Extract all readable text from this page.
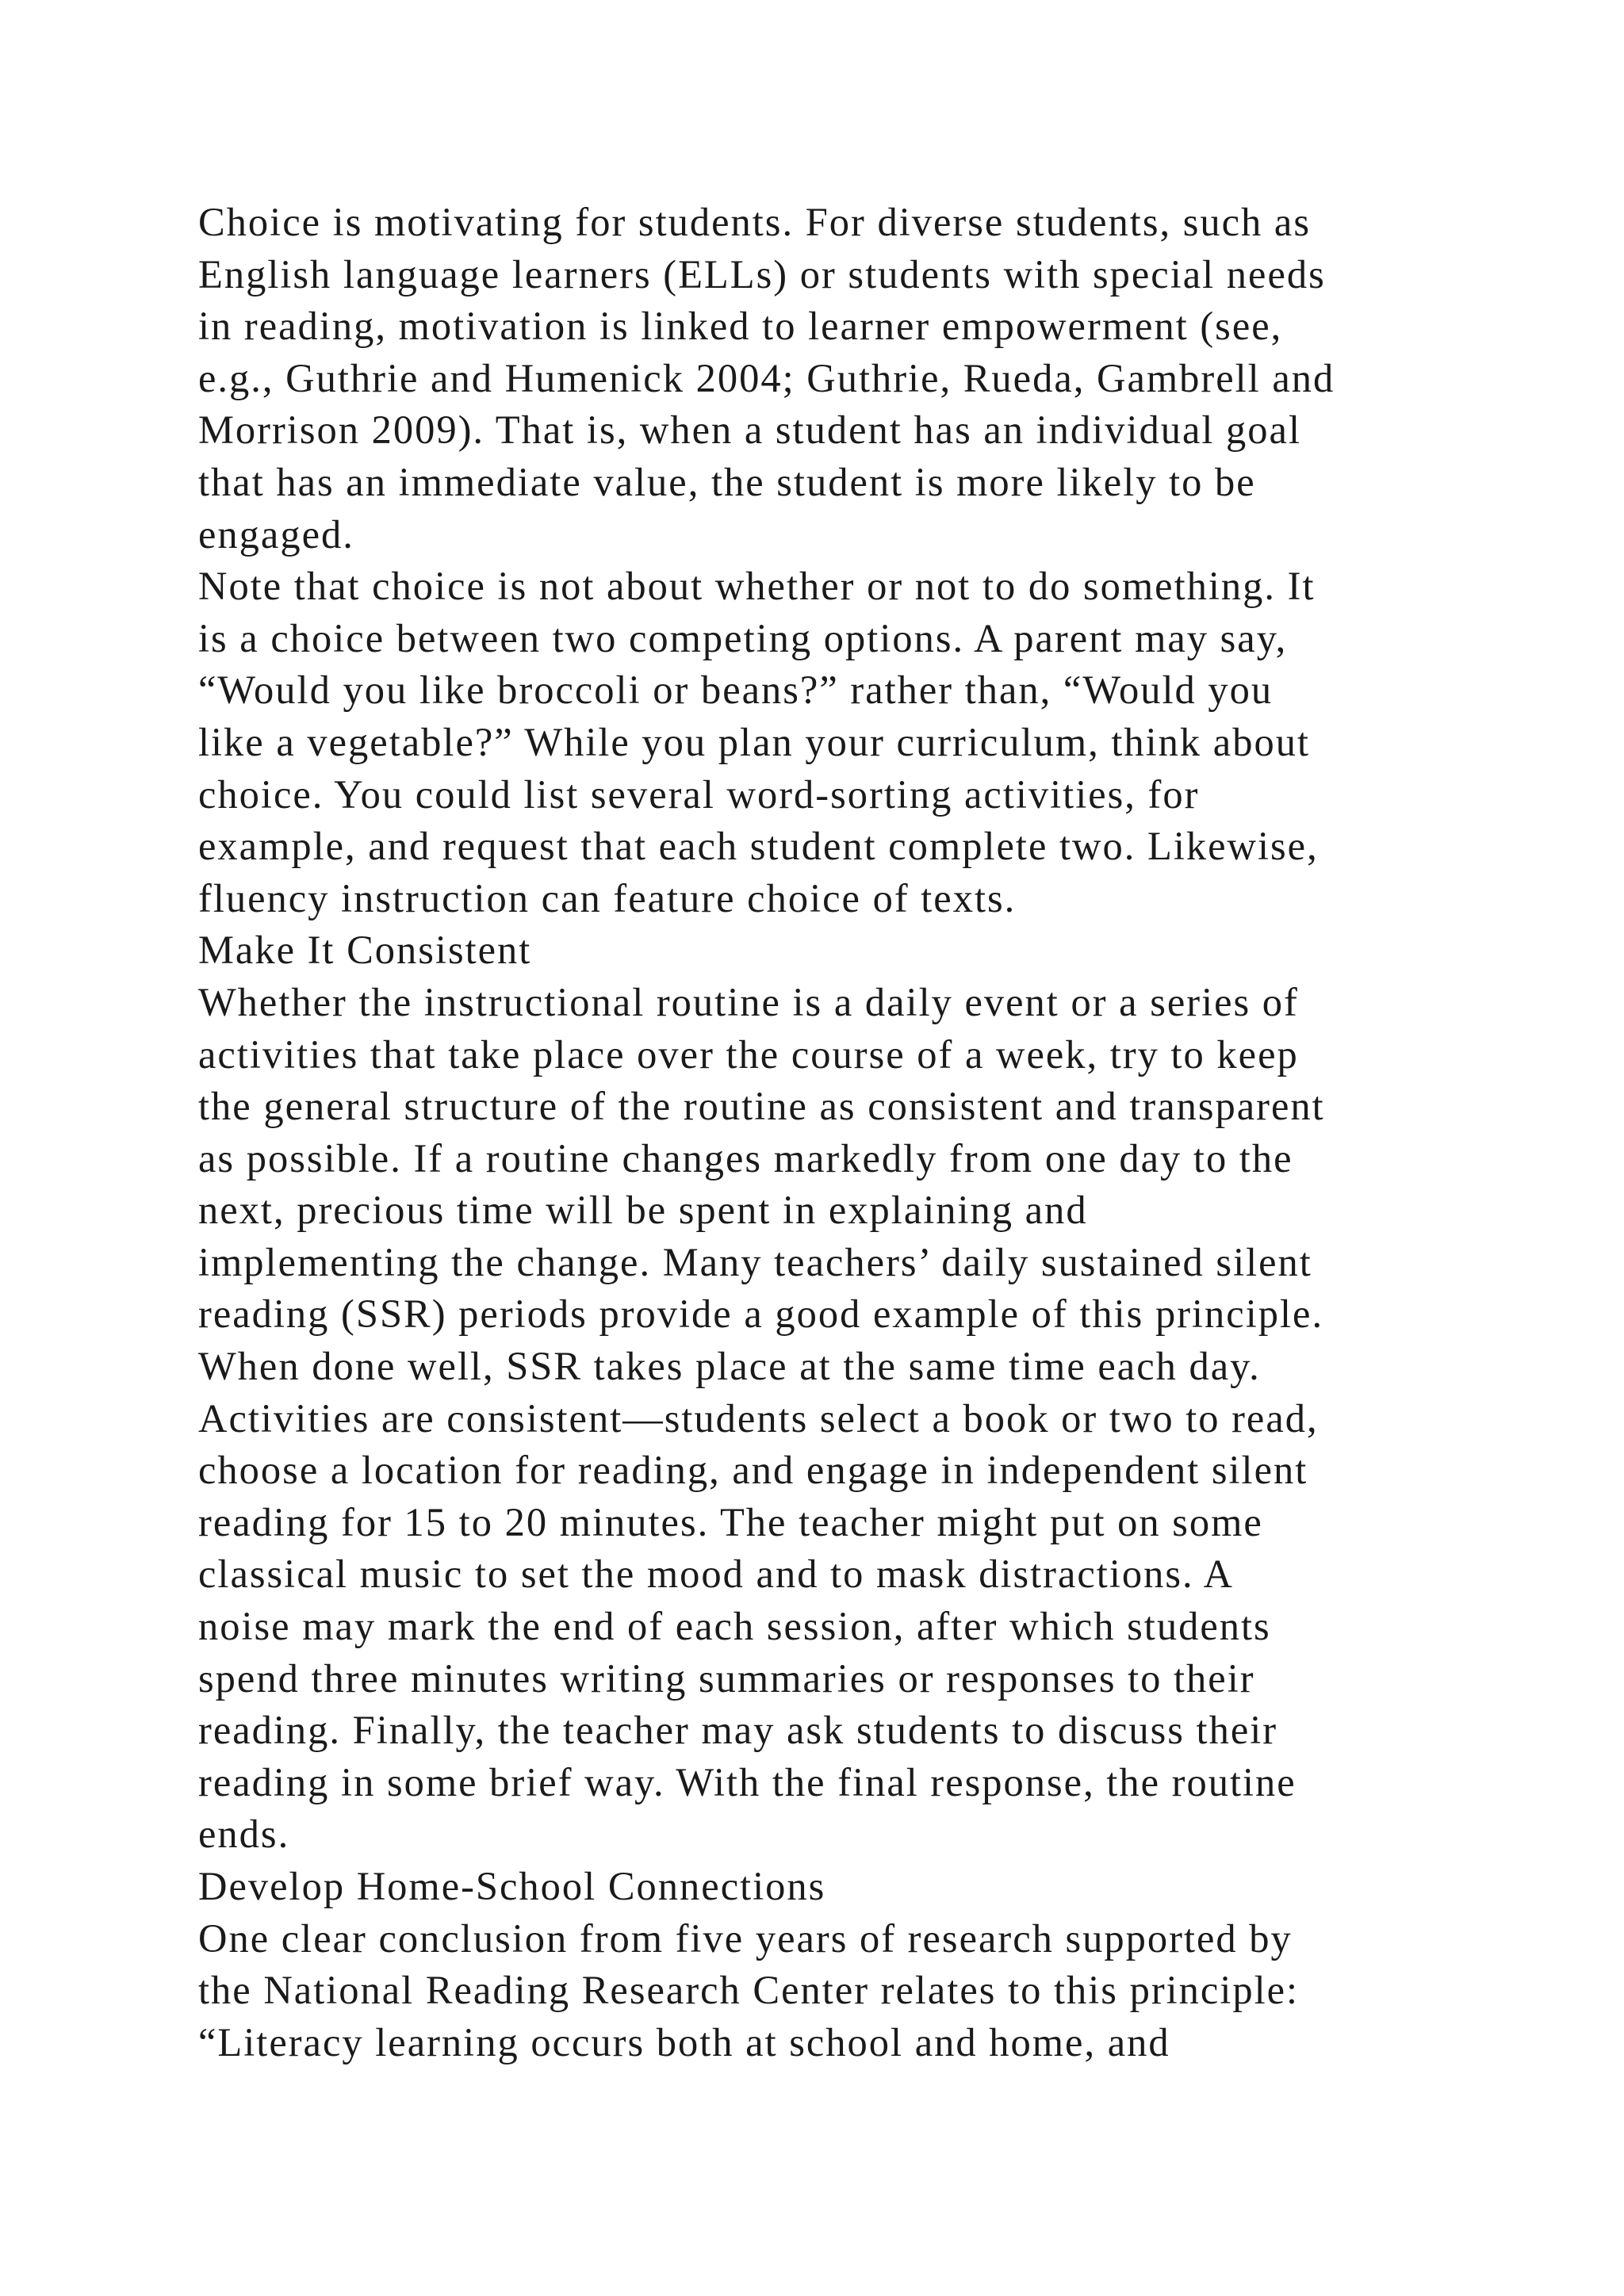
Choice is motivating for students. For diverse students, such as
English language learners (ELLs) or students with special needs
in reading, motivation is linked to learner empowerment (see,
e.g., Guthrie and Humenick 2004; Guthrie, Rueda, Gambrell and
Morrison 2009). That is, when a student has an individual goal
that has an immediate value, the student is more likely to be
engaged.
Note that choice is not about whether or not to do something. It
is a choice between two competing options. A parent may say,
“Would you like broccoli or beans?” rather than, “Would you
like a vegetable?” While you plan your curriculum, think about
choice. You could list several word-sorting activities, for
example, and request that each student complete two. Likewise,
fluency instruction can feature choice of texts.
Make It Consistent
Whether the instructional routine is a daily event or a series of
activities that take place over the course of a week, try to keep
the general structure of the routine as consistent and transparent
as possible. If a routine changes markedly from one day to the
next, precious time will be spent in explaining and
implementing the change. Many teachers’ daily sustained silent
reading (SSR) periods provide a good example of this principle.
When done well, SSR takes place at the same time each day.
Activities are consistent—students select a book or two to read,
choose a location for reading, and engage in independent silent
reading for 15 to 20 minutes. The teacher might put on some
classical music to set the mood and to mask distractions. A
noise may mark the end of each session, after which students
spend three minutes writing summaries or responses to their
reading. Finally, the teacher may ask students to discuss their
reading in some brief way. With the final response, the routine
ends.
Develop Home-School Connections
One clear conclusion from five years of research supported by
the National Reading Research Center relates to this principle:
“Literacy learning occurs both at school and home, and
